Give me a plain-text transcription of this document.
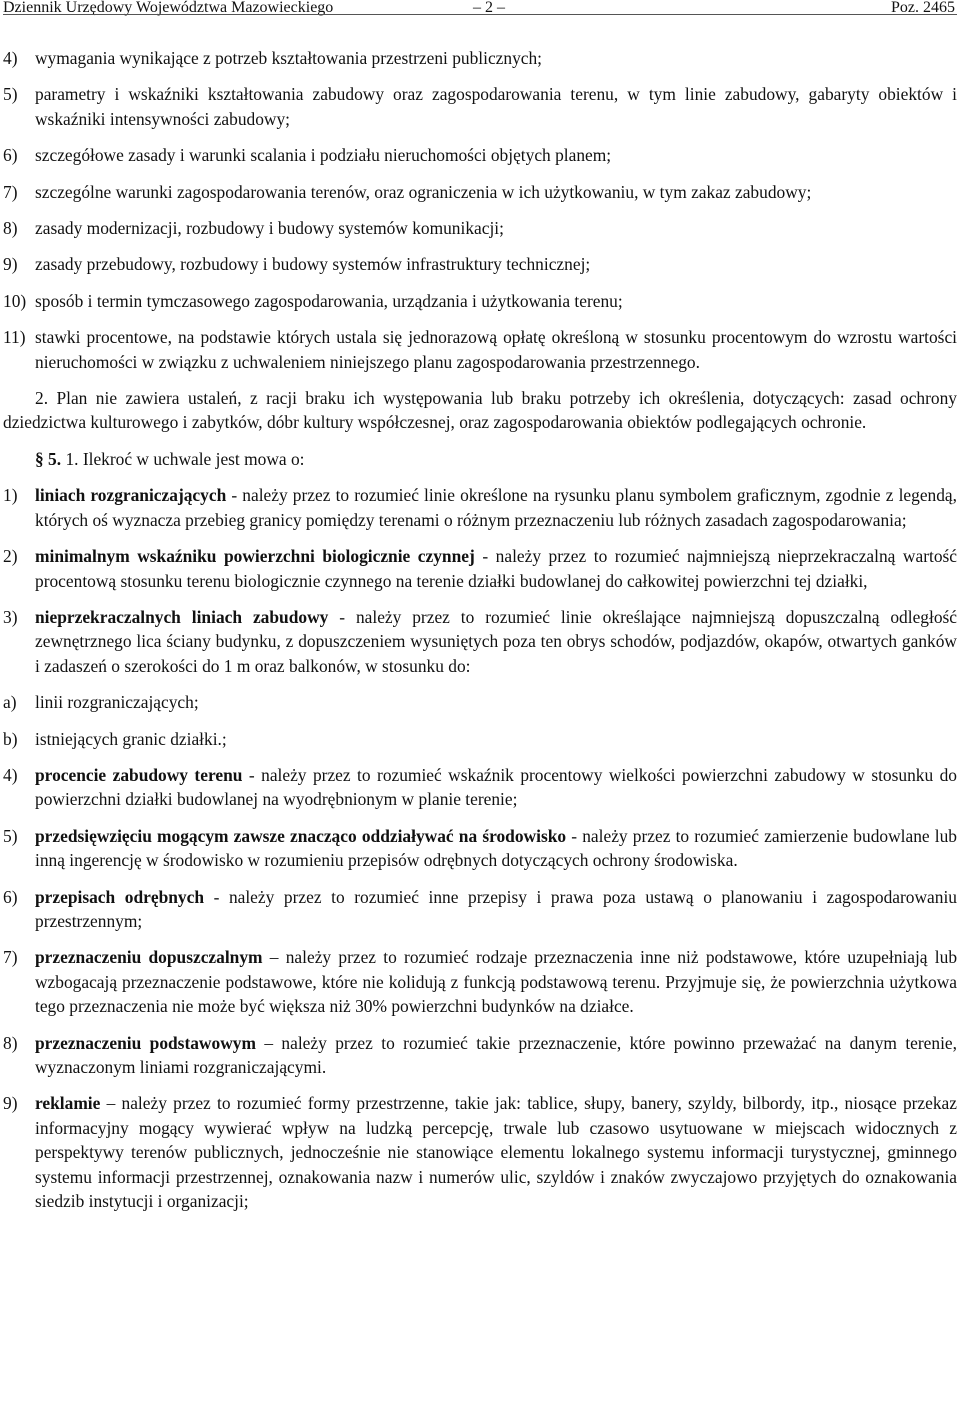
Dziennik Urzędowy Województwa Mazowieckiego	– 2 –	Poz. 2465
4) wymagania wynikające z potrzeb kształtowania przestrzeni publicznych;
5) parametry i wskaźniki kształtowania zabudowy oraz zagospodarowania terenu, w tym linie zabudowy, gabaryty obiektów i wskaźniki intensywności zabudowy;
6) szczegółowe zasady i warunki scalania i podziału nieruchomości objętych planem;
7) szczególne warunki zagospodarowania terenów, oraz ograniczenia w ich użytkowaniu, w tym zakaz zabudowy;
8) zasady modernizacji, rozbudowy i budowy systemów komunikacji;
9) zasady przebudowy, rozbudowy i budowy systemów infrastruktury technicznej;
10) sposób i termin tymczasowego zagospodarowania, urządzania i użytkowania terenu;
11) stawki procentowe, na podstawie których ustala się jednorazową opłatę określoną w stosunku procentowym do wzrostu wartości nieruchomości w związku z uchwaleniem niniejszego planu zagospodarowania przestrzennego.

2. Plan nie zawiera ustaleń, z racji braku ich występowania lub braku potrzeby ich określenia, dotyczących: zasad ochrony dziedzictwa kulturowego i zabytków, dóbr kultury współczesnej, oraz zagospodarowania obiektów podlegających ochronie.

§ 5. 1. Ilekroć w uchwale jest mowa o:
1) liniach rozgraniczających - należy przez to rozumieć linie określone na rysunku planu symbolem graficznym, zgodnie z legendą, których oś wyznacza przebieg granicy pomiędzy terenami o różnym przeznaczeniu lub różnych zasadach zagospodarowania;
2) minimalnym wskaźniku powierzchni biologicznie czynnej - należy przez to rozumieć najmniejszą nieprzekraczalną wartość procentową stosunku terenu biologicznie czynnego na terenie działki budowlanej do całkowitej powierzchni tej działki,
3) nieprzekraczalnych liniach zabudowy - należy przez to rozumieć linie określające najmniejszą dopuszczalną odległość zewnętrznego lica ściany budynku, z dopuszczeniem wysuniętych poza ten obrys schodów, podjazdów, okapów, otwartych ganków i zadaszeń o szerokości do 1 m oraz balkonów, w stosunku do:
a) linii rozgraniczających;
b) istniejących granic działki.;
4) procencie zabudowy terenu - należy przez to rozumieć wskaźnik procentowy wielkości powierzchni zabudowy w stosunku do powierzchni działki budowlanej na wyodrębnionym w planie terenie;
5) przedsięwzięciu mogącym zawsze znacząco oddziaływać na środowisko - należy przez to rozumieć zamierzenie budowlane lub inną ingerencję w środowisko w rozumieniu przepisów odrębnych dotyczących ochrony środowiska.
6) przepisach odrębnych - należy przez to rozumieć inne przepisy i prawa poza ustawą o planowaniu i zagospodarowaniu przestrzennym;
7) przeznaczeniu dopuszczalnym – należy przez to rozumieć rodzaje przeznaczenia inne niż podstawowe, które uzupełniają lub wzbogacają przeznaczenie podstawowe, które nie kolidują z funkcją podstawową terenu. Przyjmuje się, że powierzchnia użytkowa tego przeznaczenia nie może być większa niż 30% powierzchni budynków na działce.
8) przeznaczeniu podstawowym – należy przez to rozumieć takie przeznaczenie, które powinno przeważać na danym terenie, wyznaczonym liniami rozgraniczającymi.
9) reklamie – należy przez to rozumieć formy przestrzenne, takie jak: tablice, słupy, banery, szyldy, bilbordy, itp., niosące przekaz informacyjny mogący wywierać wpływ na ludzką percepcję, trwale lub czasowo usytuowane w miejscach widocznych z perspektywy terenów publicznych, jednocześnie nie stanowiące elementu lokalnego systemu informacji turystycznej, gminnego systemu informacji przestrzennej, oznakowania nazw i numerów ulic, szyldów i znaków zwyczajowo przyjętych do oznakowania siedzib instytucji i organizacji;
